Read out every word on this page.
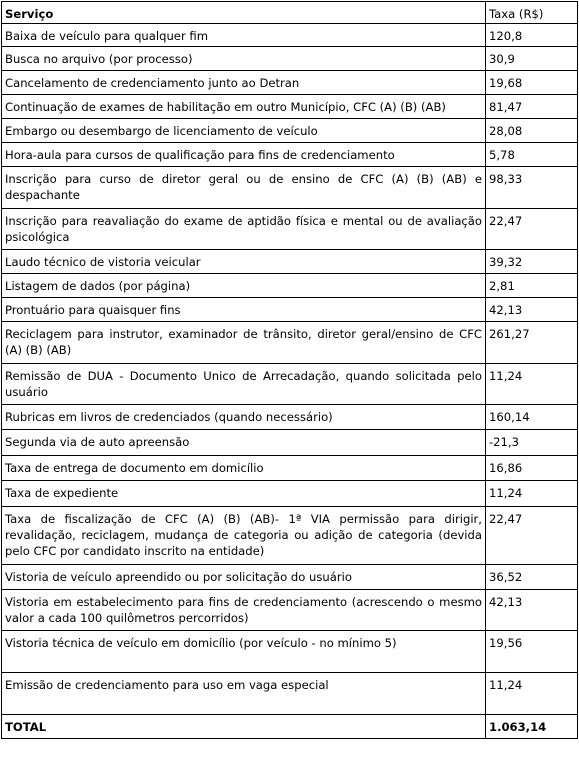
Serviço	Taxa (R$)
Baixa de veículo para qualquer fim	120,8
Busca no arquivo (por processo)	30,9
Cancelamento de credenciamento junto ao Detran	19,68
Continuação de exames de habilitação em outro Município, CFC (A) (B) (AB)	81,47
Embargo ou desembargo de licenciamento de veículo	28,08
Hora-aula para cursos de qualificação para fins de credenciamento	5,78
Inscrição para curso de diretor geral ou de ensino de CFC (A) (B) (AB) e despachante	98,33
Inscrição para reavaliação do exame de aptidão física e mental ou de avaliação psicológica	22,47
Laudo técnico de vistoria veicular	39,32
Listagem de dados (por página)	2,81
Prontuário para quaisquer fins	42,13
Reciclagem para instrutor, examinador de trânsito, diretor geral/ensino de CFC (A) (B) (AB)	261,27
Remissão de DUA - Documento Unico de Arrecadação, quando solicitada pelo usuário	11,24
Rubricas em livros de credenciados (quando necessário)	160,14
Segunda via de auto apreensão	-21,3
Taxa de entrega de documento em domicílio	16,86
Taxa de expediente	11,24
Taxa de fiscalização de CFC (A) (B) (AB)- 1ª VIA permissão para dirigir, revalidação, reciclagem, mudança de categoria ou adição de categoria (devida pelo CFC por candidato inscrito na entidade)	22,47
Vistoria de veículo apreendido ou por solicitação do usuário	36,52
Vistoria em estabelecimento para fins de credenciamento (acrescendo o mesmo valor a cada 100 quilômetros percorridos)	42,13
Vistoria técnica de veículo em domicílio (por veículo - no mínimo 5)	19,56
Emissão de credenciamento para uso em vaga especial	11,24
TOTAL	1.063,14
